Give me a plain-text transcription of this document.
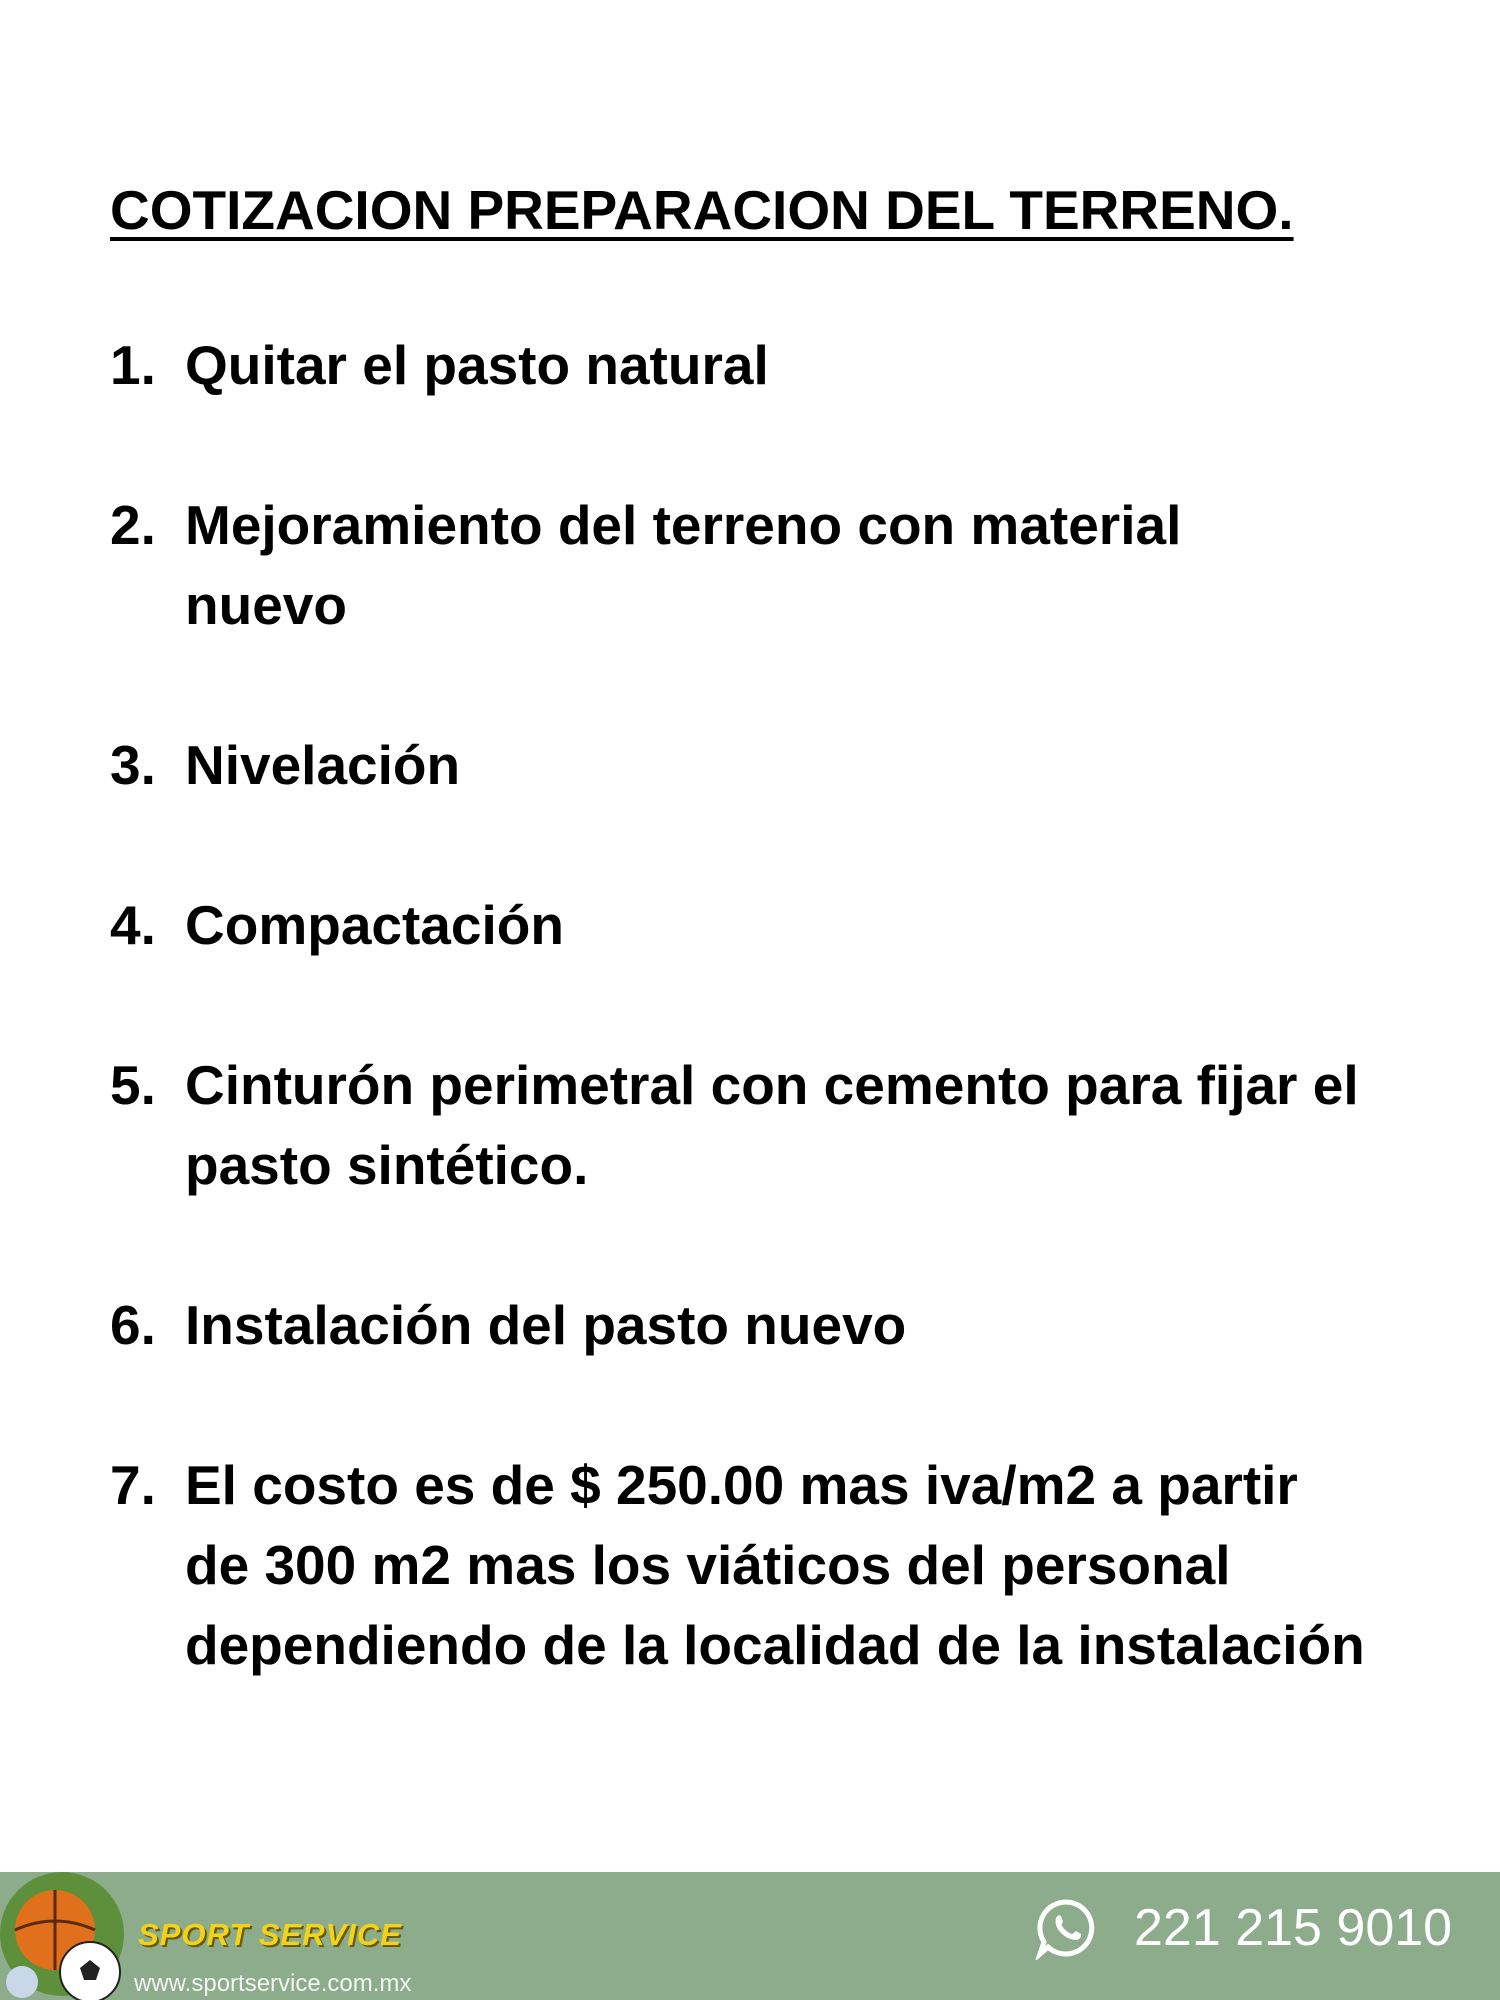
COTIZACION PREPARACION DEL TERRENO.
1. Quitar el pasto natural
2. Mejoramiento del terreno con material nuevo
3. Nivelación
4. Compactación
5. Cinturón perimetral con cemento para fijar el pasto sintético.
6. Instalación del pasto nuevo
7. El costo es de $ 250.00 mas iva/m2 a partir de 300 m2 mas los viáticos del personal dependiendo de la localidad de la instalación
SPORT SERVICE
www.sportservice.com.mx
221 215 9010
